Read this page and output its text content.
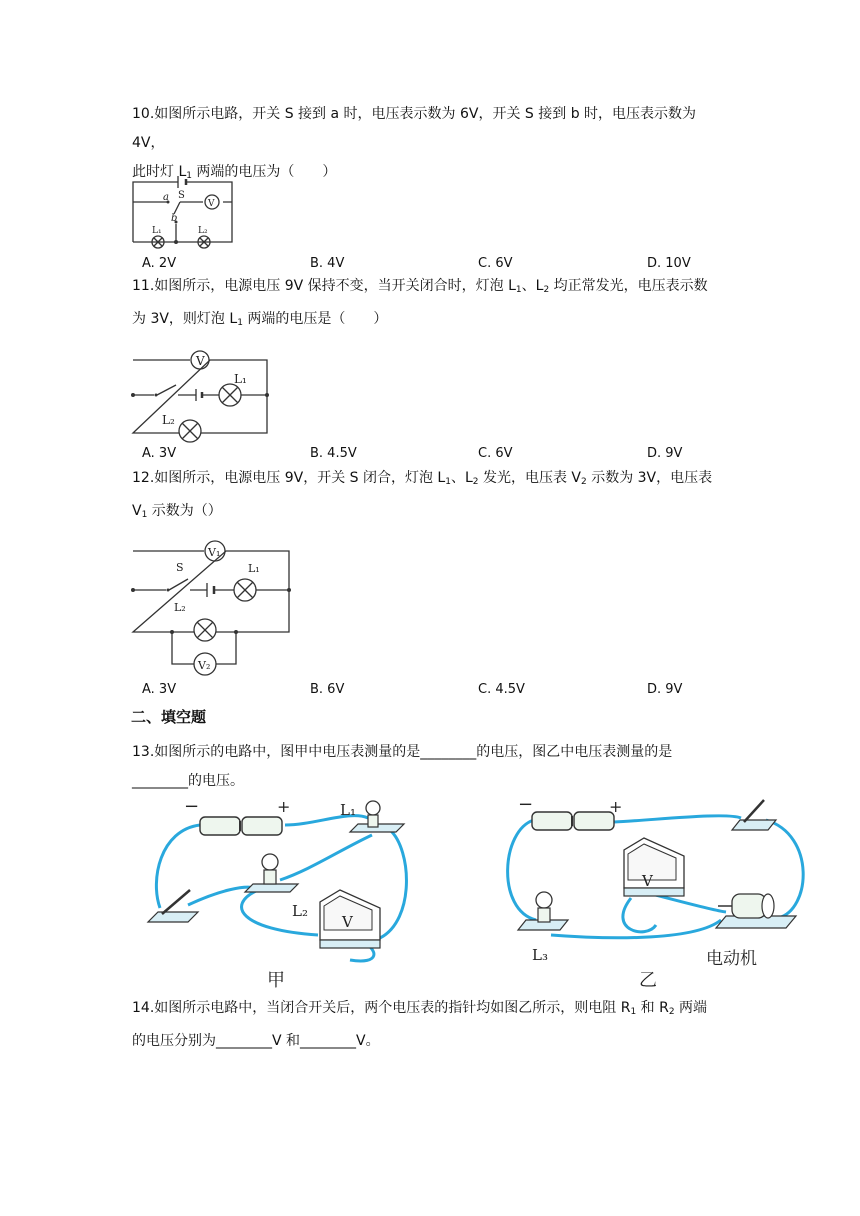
10.如图所示电路，开关 S 接到 a 时，电压表示数为 6V，开关 S 接到 b 时，电压表示数为 4V，
此时灯 $L_1$ 两端的电压为（　　）
a S
b
V
L₁	L₂
A. 2V	B. 4V	C. 6V	D. 10V
11.如图所示，电源电压 9V 保持不变，当开关闭合时，灯泡 $L_1$、$L_2$ 均正常发光，电压表示数
为 3V，则灯泡 $L_1$ 两端的电压是（　　）
V
L₁
L₂
A. 3V	B. 4.5V	C. 6V	D. 9V
12.如图所示，电源电压 9V，开关 S 闭合，灯泡 $L_1$、$L_2$ 发光，电压表 $V_2$ 示数为 3V，电压表
$V_1$ 示数为（）
V₁
V₂
S	L₁
L₂
A. 3V	B. 6V	C. 4.5V	D. 9V
二、填空题
13.如图所示的电路中，图甲中电压表测量的是________的电压，图乙中电压表测量的是
________的电压。
−	+	L₁
L₂
V
甲
−	+
V
L₃	电动机
乙
14.如图所示电路中，当闭合开关后，两个电压表的指针均如图乙所示，则电阻 $R_1$ 和 $R_2$ 两端
的电压分别为________V 和________V。
